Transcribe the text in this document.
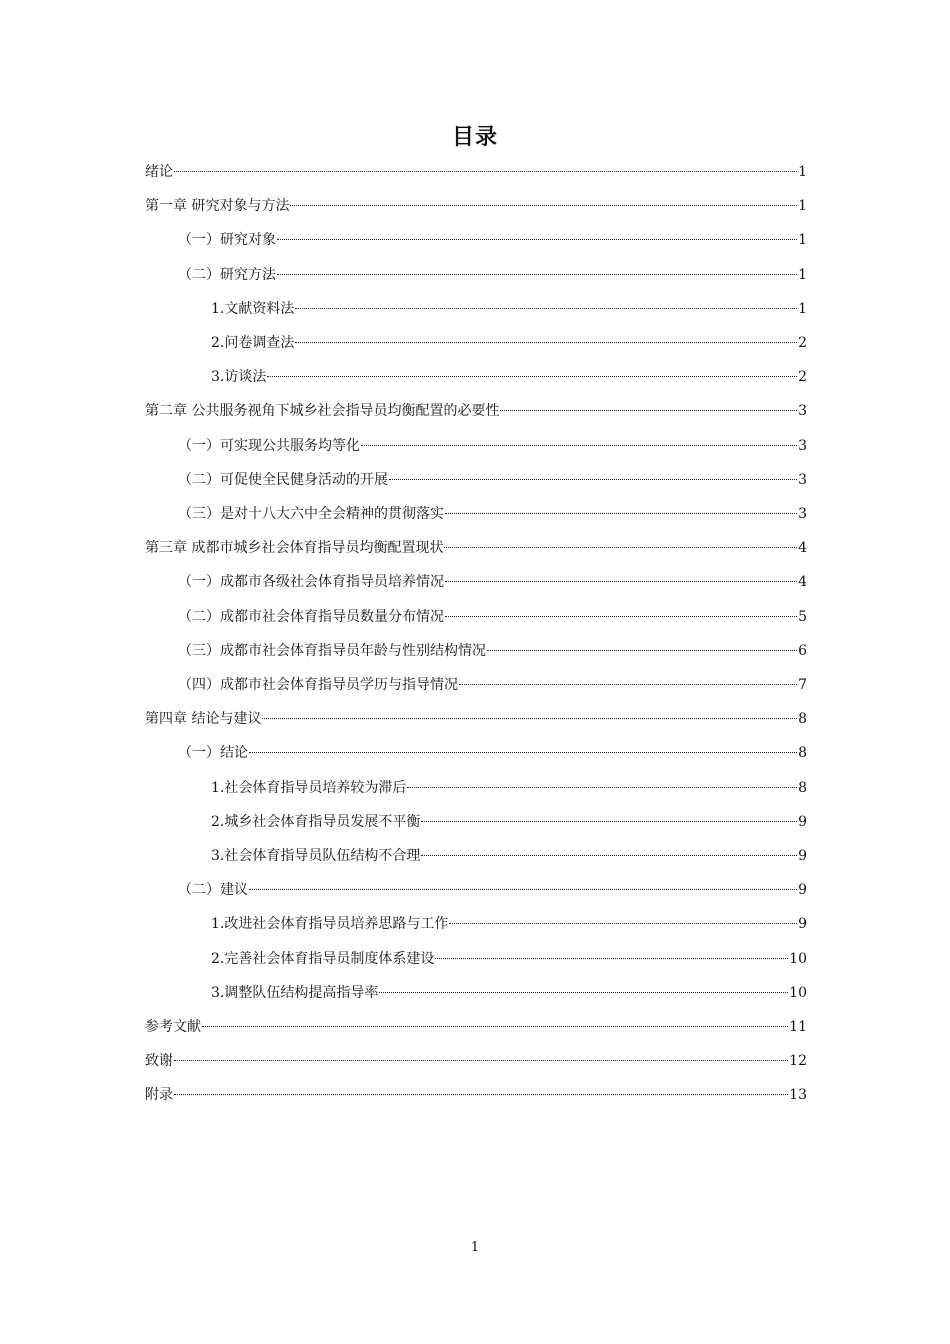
目录
绪论	1
第一章 研究对象与方法	1
（一）研究对象	1
（二）研究方法	1
1.文献资料法	1
2.问卷调查法	2
3.访谈法	2
第二章 公共服务视角下城乡社会指导员均衡配置的必要性	3
（一）可实现公共服务均等化	3
（二）可促使全民健身活动的开展	3
（三）是对十八大六中全会精神的贯彻落实	3
第三章 成都市城乡社会体育指导员均衡配置现状	4
（一）成都市各级社会体育指导员培养情况	4
（二）成都市社会体育指导员数量分布情况	5
（三）成都市社会体育指导员年龄与性别结构情况	6
（四）成都市社会体育指导员学历与指导情况	7
第四章 结论与建议	8
（一）结论	8
1.社会体育指导员培养较为滞后	8
2.城乡社会体育指导员发展不平衡	9
3.社会体育指导员队伍结构不合理	9
（二）建议	9
1.改进社会体育指导员培养思路与工作	9
2.完善社会体育指导员制度体系建设	10
3.调整队伍结构提高指导率	10
参考文献	11
致谢	12
附录	13
1
